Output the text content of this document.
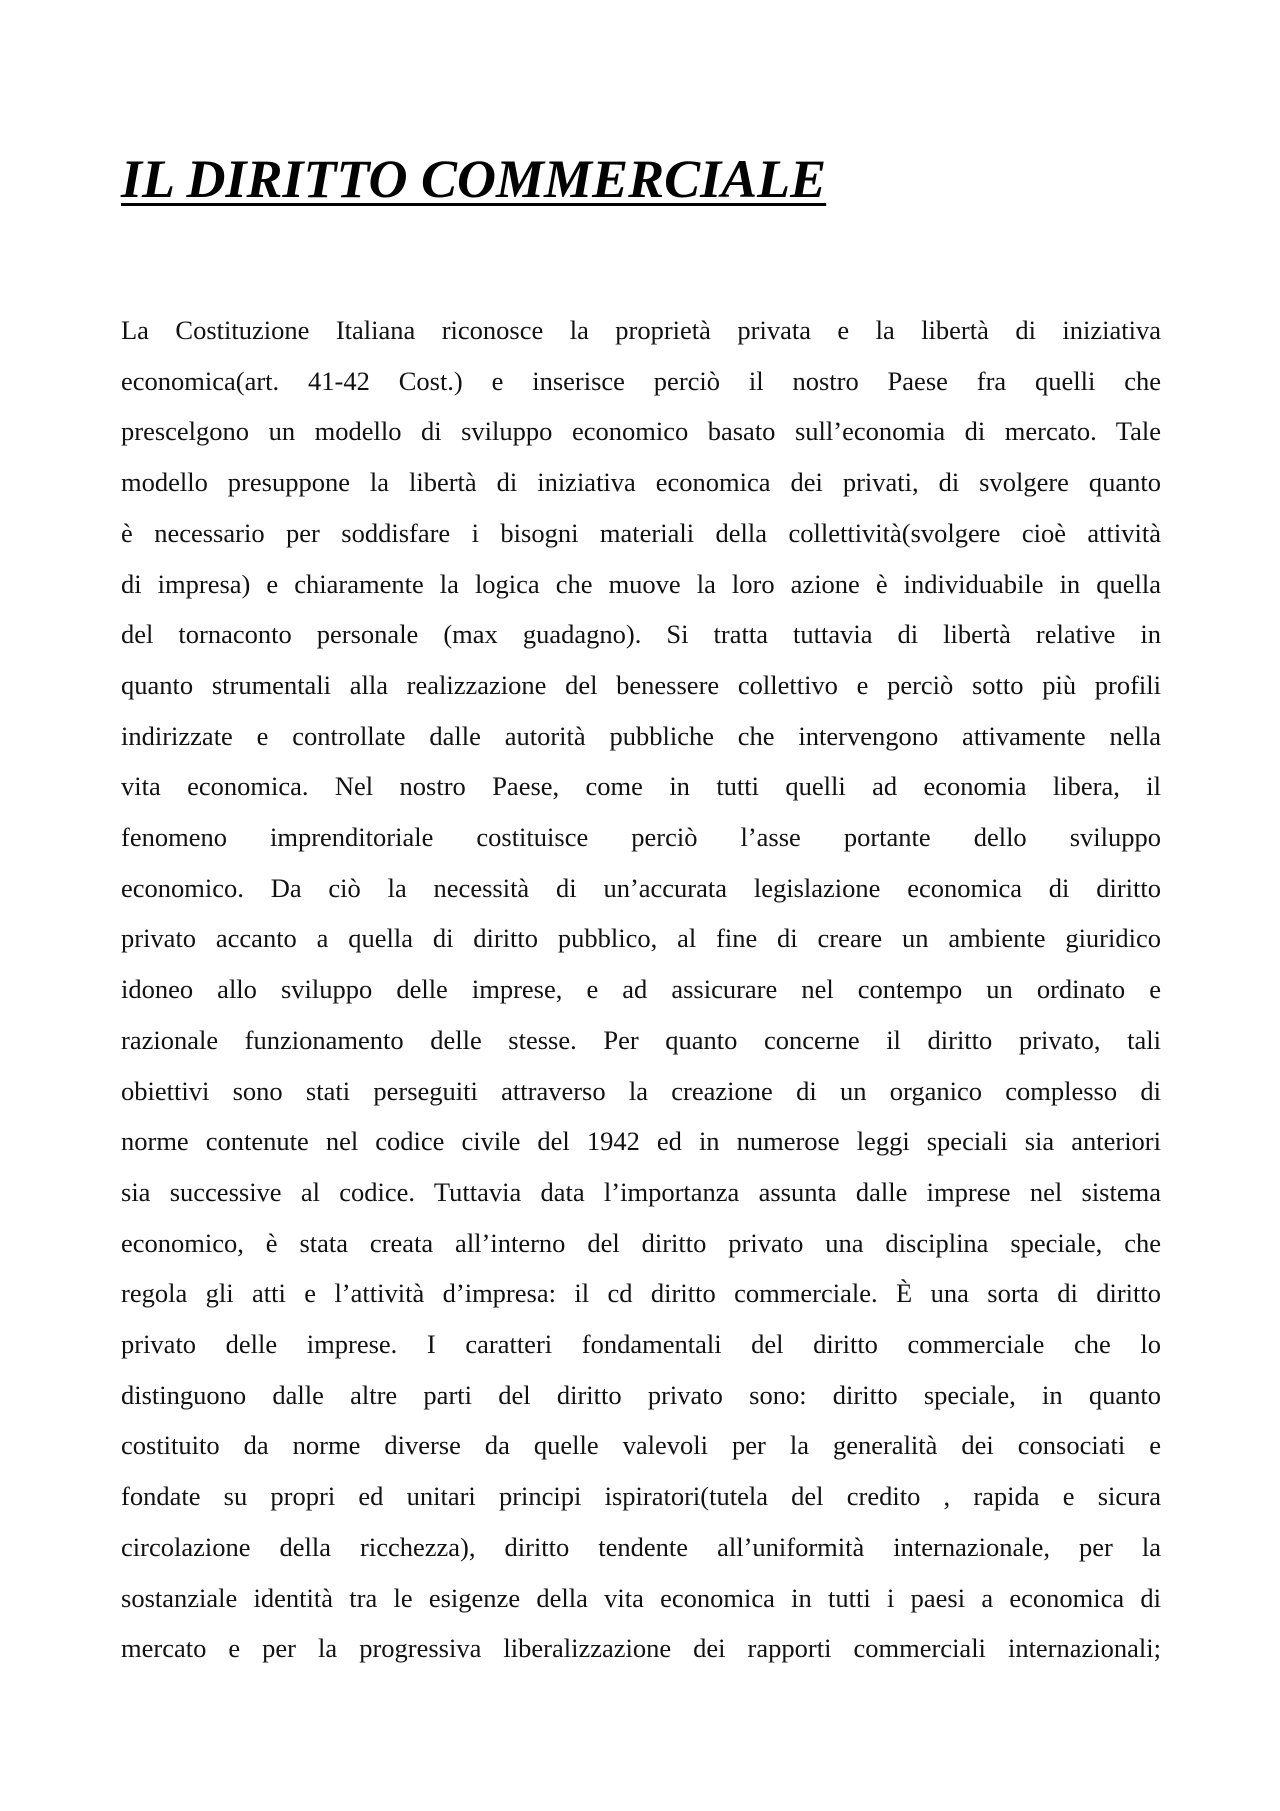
IL DIRITTO COMMERCIALE
La Costituzione Italiana riconosce la proprietà privata e la libertà di iniziativa
economica(art. 41-42 Cost.) e inserisce perciò il nostro Paese fra quelli che
prescelgono un modello di sviluppo economico basato sull’economia di mercato. Tale
modello presuppone la libertà di iniziativa economica dei privati, di svolgere quanto
è necessario per soddisfare i bisogni materiali della collettività(svolgere cioè attività
di impresa) e chiaramente la logica che muove la loro azione è individuabile in quella
del tornaconto personale (max guadagno). Si tratta tuttavia di libertà relative in
quanto strumentali alla realizzazione del benessere collettivo e perciò sotto più profili
indirizzate e controllate dalle autorità pubbliche che intervengono attivamente nella
vita economica. Nel nostro Paese, come in tutti quelli ad economia libera, il
fenomeno imprenditoriale costituisce perciò l’asse portante dello sviluppo
economico. Da ciò la necessità di un’accurata legislazione economica di diritto
privato accanto a quella di diritto pubblico, al fine di creare un ambiente giuridico
idoneo allo sviluppo delle imprese, e ad assicurare nel contempo un ordinato e
razionale funzionamento delle stesse. Per quanto concerne il diritto privato, tali
obiettivi sono stati perseguiti attraverso la creazione di un organico complesso di
norme contenute nel codice civile del 1942 ed in numerose leggi speciali sia anteriori
sia successive al codice. Tuttavia data l’importanza assunta dalle imprese nel sistema
economico, è stata creata all’interno del diritto privato una disciplina speciale, che
regola gli atti e l’attività d’impresa: il cd diritto commerciale. È una sorta di diritto
privato delle imprese. I caratteri fondamentali del diritto commerciale che lo
distinguono dalle altre parti del diritto privato sono: diritto speciale, in quanto
costituito da norme diverse da quelle valevoli per la generalità dei consociati e
fondate su propri ed unitari principi ispiratori(tutela del credito , rapida e sicura
circolazione della ricchezza), diritto tendente all’uniformità internazionale, per la
sostanziale identità tra le esigenze della vita economica in tutti i paesi a economica di
mercato e per la progressiva liberalizzazione dei rapporti commerciali internazionali;
